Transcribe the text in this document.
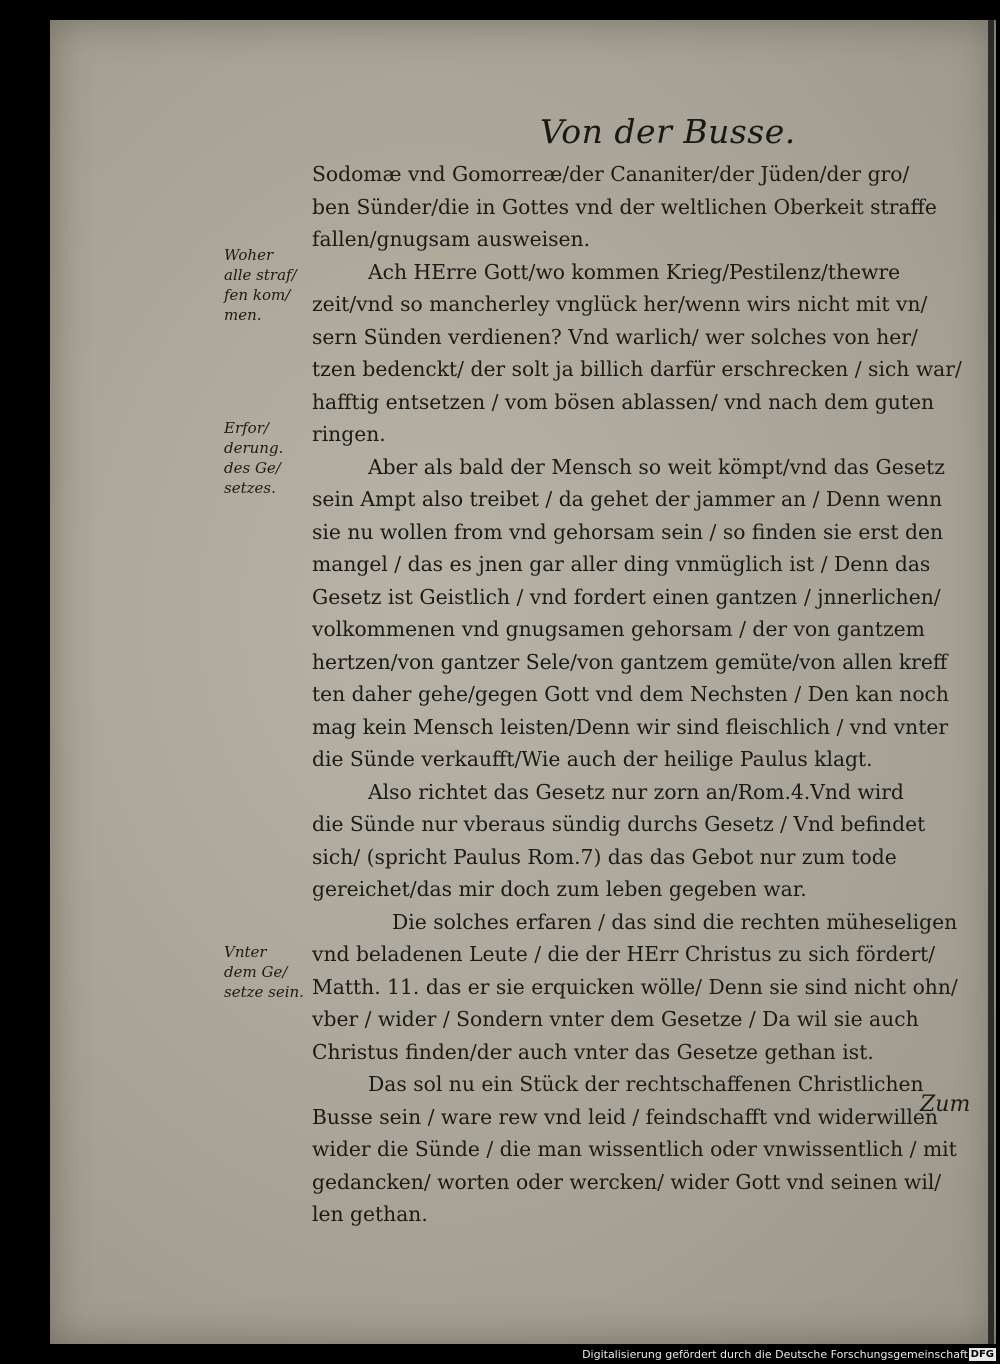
Von der Busse.
Sodomæ vnd Gomorreæ/der Cananiter/der Jüden/der gro/
ben Sünder/die in Gottes vnd der weltlichen Oberkeit straffe
fallen/gnugsam ausweisen.
Ach HErre Gott/wo kommen Krieg/Pestilenz/thewre
zeit/vnd so mancherley vnglück her/wenn wirs nicht mit vn/
sern Sünden verdienen? Vnd warlich/ wer solches von her/
tzen bedenckt/ der solt ja billich darfür erschrecken / sich war/
hafftig entsetzen / vom bösen ablassen/ vnd nach dem guten
ringen.
Aber als bald der Mensch so weit kömpt/vnd das Gesetz
sein Ampt also treibet / da gehet der jammer an / Denn wenn
sie nu wollen from vnd gehorsam sein / so finden sie erst den
mangel / das es jnen gar aller ding vnmüglich ist / Denn das
Gesetz ist Geistlich / vnd fordert einen gantzen / jnnerlichen/
volkommenen vnd gnugsamen gehorsam / der von gantzem
hertzen/von gantzer Sele/von gantzem gemüte/von allen kreff
ten daher gehe/gegen Gott vnd dem Nechsten / Den kan noch
mag kein Mensch leisten/Denn wir sind fleischlich / vnd vnter
die Sünde verkaufft/Wie auch der heilige Paulus klagt.
Also richtet das Gesetz nur zorn an/Rom.4.Vnd wird
die Sünde nur vberaus sündig durchs Gesetz / Vnd befindet
sich/ (spricht Paulus Rom.7) das das Gebot nur zum tode
gereichet/das mir doch zum leben gegeben war.
Die solches erfaren / das sind die rechten müheseligen
vnd beladenen Leute / die der HErr Christus zu sich fördert/
Matth. 11. das er sie erquicken wölle/ Denn sie sind nicht ohn/
vber / wider / Sondern vnter dem Gesetze / Da wil sie auch
Christus finden/der auch vnter das Gesetze gethan ist.
Das sol nu ein Stück der rechtschaffenen Christlichen
Busse sein / ware rew vnd leid / feindschafft vnd widerwillen
wider die Sünde / die man wissentlich oder vnwissentlich / mit
gedancken/ worten oder wercken/ wider Gott vnd seinen wil/
len gethan.
Woher
alle straf/
fen kom/
men.
Erfor/
derung.
des Ge/
setzes.
Vnter
dem Ge/
setze sein.
Zum
Digitalisierung gefördert durch die Deutsche Forschungsgemeinschaft DFG
